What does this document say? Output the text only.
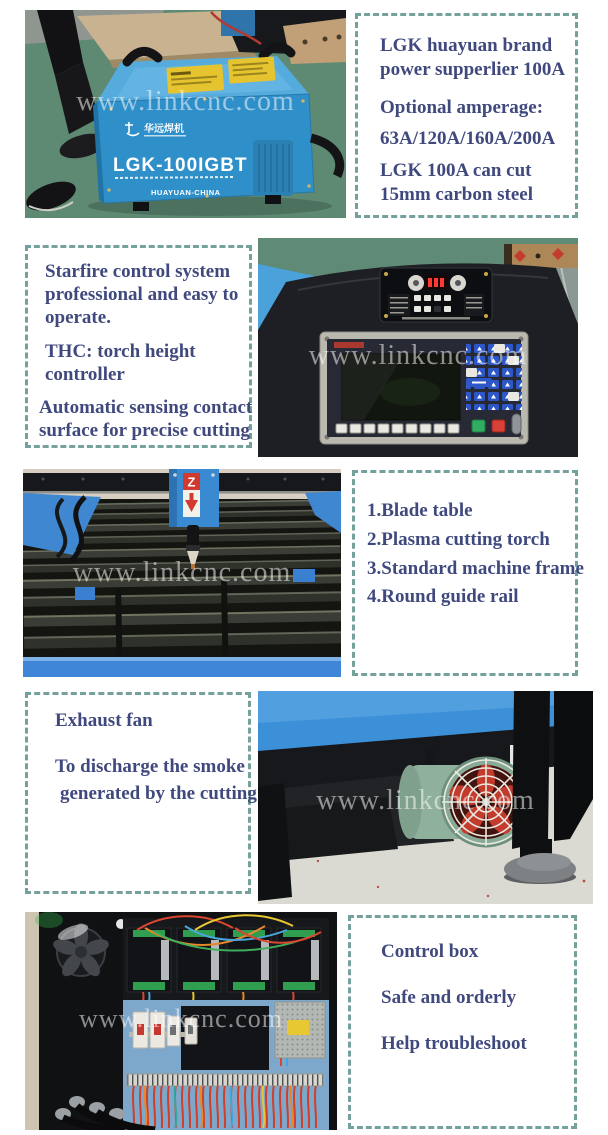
华远焊机
LGK-100IGBT
HUAYUAN-CHINA
www.linkcnc.com
LGK huayuan brand
power supperlier 100A
Optional amperage:
63A/120A/160A/200A
LGK 100A can cut
15mm carbon steel
Starfire control system
professional and easy to
operate.
THC: torch height
controller
Automatic sensing contact
surface for precise cutting
www.linkcnc.com
Z
www.linkcnc.com
1.Blade table
2.Plasma cutting torch
3.Standard machine frame
4.Round guide rail
Exhaust fan
To discharge the smoke
generated by the cutting	www.linkcnc.com
www.linkcnc.com
Control box
Safe and orderly
Help troubleshoot
